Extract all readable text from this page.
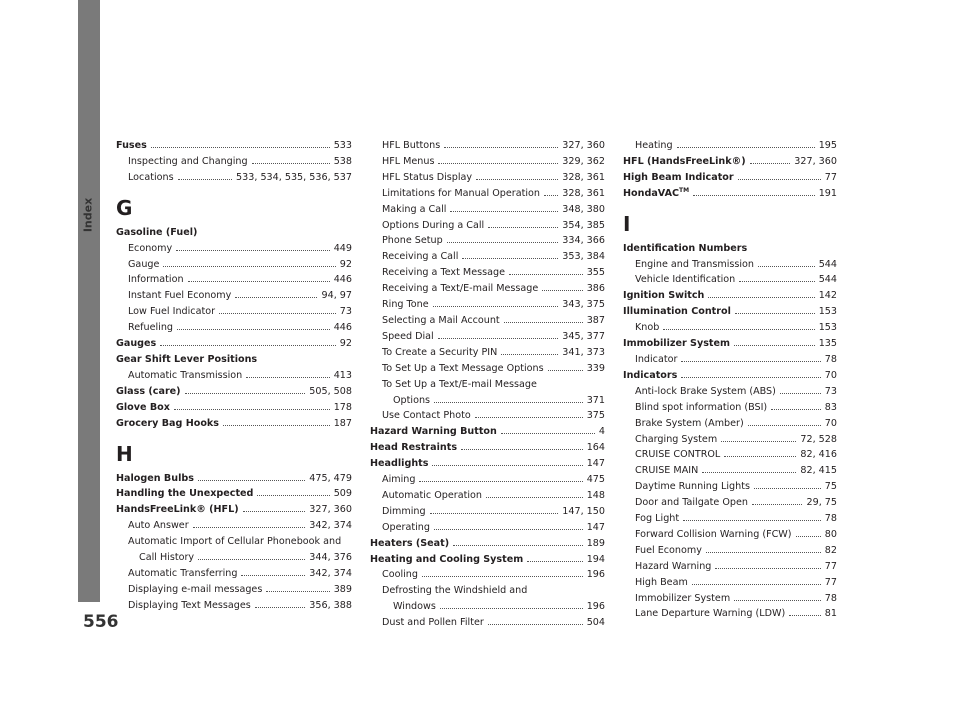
Index
556
Fuses	533
Inspecting and Changing	538
Locations	533, 534, 535, 536, 537
G
Gasoline (Fuel)
Economy	449
Gauge	92
Information	446
Instant Fuel Economy	94, 97
Low Fuel Indicator	73
Refueling	446
Gauges	92
Gear Shift Lever Positions
Automatic Transmission	413
Glass (care)	505, 508
Glove Box	178
Grocery Bag Hooks	187
H
Halogen Bulbs	475, 479
Handling the Unexpected	509
HandsFreeLink® (HFL)	327, 360
Auto Answer	342, 374
Automatic Import of Cellular Phonebook and
Call History	344, 376
Automatic Transferring	342, 374
Displaying e-mail messages	389
Displaying Text Messages	356, 388
HFL Buttons	327, 360
HFL Menus	329, 362
HFL Status Display	328, 361
Limitations for Manual Operation 328, 361
Making a Call	348, 380
Options During a Call	354, 385
Phone Setup	334, 366
Receiving a Call	353, 384
Receiving a Text Message	355
Receiving a Text/E-mail Message	386
Ring Tone	343, 375
Selecting a Mail Account	387
Speed Dial	345, 377
To Create a Security PIN	341, 373
To Set Up a Text Message Options	339
To Set Up a Text/E-mail Message
Options	371
Use Contact Photo	375
Hazard Warning Button	4
Head Restraints	164
Headlights	147
Aiming	475
Automatic Operation	148
Dimming	147, 150
Operating	147
Heaters (Seat)	189
Heating and Cooling System	194
Cooling	196
Defrosting the Windshield and
Windows	196
Dust and Pollen Filter	504
Heating	195
HFL (HandsFreeLink®)	327, 360
High Beam Indicator	77
HondaVAC™	191
I
Identification Numbers
Engine and Transmission	544
Vehicle Identification	544
Ignition Switch	142
Illumination Control	153
Knob	153
Immobilizer System	135
Indicator	78
Indicators	70
Anti-lock Brake System (ABS)	73
Blind spot information (BSI)	83
Brake System (Amber)	70
Charging System	72, 528
CRUISE CONTROL	82, 416
CRUISE MAIN	82, 415
Daytime Running Lights	75
Door and Tailgate Open	29, 75
Fog Light	78
Forward Collision Warning (FCW)	80
Fuel Economy	82
Hazard Warning	77
High Beam	77
Immobilizer System	78
Lane Departure Warning (LDW)	81
